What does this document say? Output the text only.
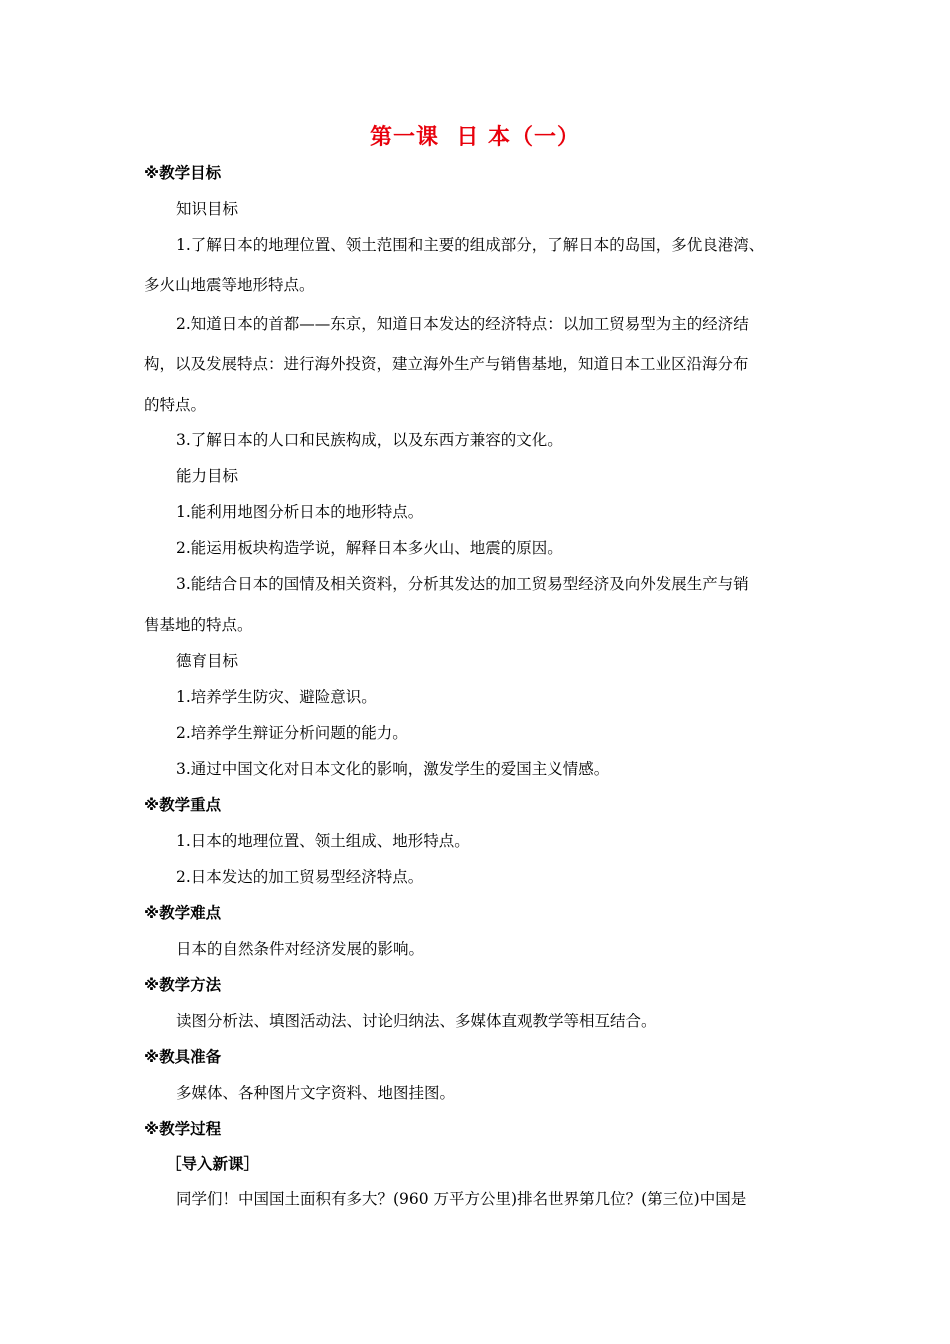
第一课  日 本（一）
※教学目标
知识目标
1.了解日本的地理位置、领土范围和主要的组成部分，了解日本的岛国，多优良港湾、
多火山地震等地形特点。
2.知道日本的首都——东京，知道日本发达的经济特点：以加工贸易型为主的经济结
构，以及发展特点：进行海外投资，建立海外生产与销售基地，知道日本工业区沿海分布
的特点。
3.了解日本的人口和民族构成，以及东西方兼容的文化。
能力目标
1.能利用地图分析日本的地形特点。
2.能运用板块构造学说，解释日本多火山、地震的原因。
3.能结合日本的国情及相关资料，分析其发达的加工贸易型经济及向外发展生产与销
售基地的特点。
德育目标
1.培养学生防灾、避险意识。
2.培养学生辩证分析问题的能力。
3.通过中国文化对日本文化的影响，激发学生的爱国主义情感。
※教学重点
1.日本的地理位置、领土组成、地形特点。
2.日本发达的加工贸易型经济特点。
※教学难点
日本的自然条件对经济发展的影响。
※教学方法
读图分析法、填图活动法、讨论归纳法、多媒体直观教学等相互结合。
※教具准备
多媒体、各种图片文字资料、地图挂图。
※教学过程
［导入新课］
同学们！中国国土面积有多大？(960 万平方公里)排名世界第几位？(第三位)中国是
